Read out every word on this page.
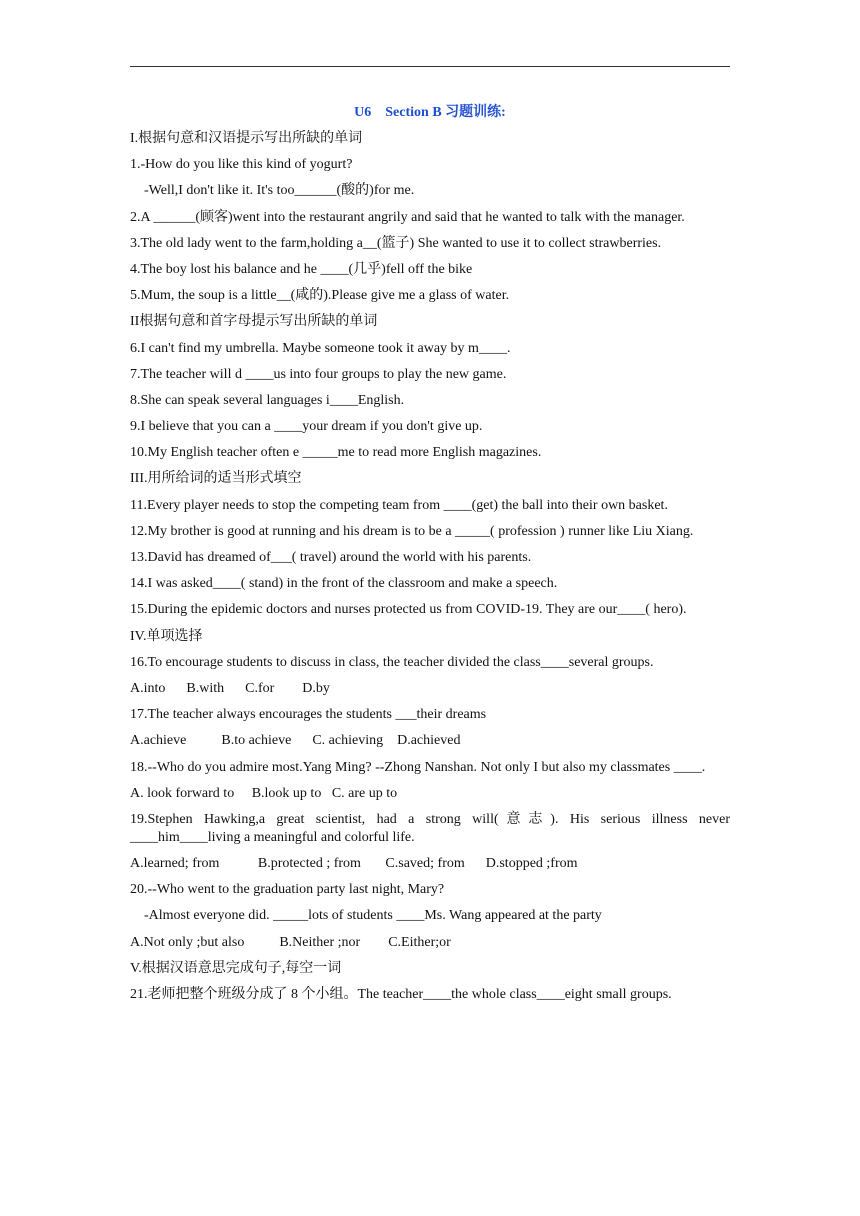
U6　Section B 习题训练:

I.根据句意和汉语提示写出所缺的单词

1.-How do you like this kind of yogurt?

-Well,I don't like it. It's too______(酸的)for me.

2.A ______(顾客)went into the restaurant angrily and said that he wanted to talk with the manager.

3.The old lady went to the farm,holding a__(篮子) She wanted to use it to collect strawberries.

4.The boy lost his balance and he ____(几乎)fell off the bike

5.Mum, the soup is a little__(咸的).Please give me a glass of water.

II根据句意和首字母提示写出所缺的单词

6.I can't find my umbrella. Maybe someone took it away by m____.

7.The teacher will d ____us into four groups to play the new game.

8.She can speak several languages i____English.

9.I believe that you can a ____your dream if you don't give up.

10.My English teacher often e _____me to read more English magazines.

III.用所给词的适当形式填空

11.Every player needs to stop the competing team from ____(get) the ball into their own basket.

12.My brother is good at running and his dream is to be a _____( profession ) runner like Liu Xiang.

13.David has dreamed of___( travel) around the world with his parents.

14.I was asked____( stand) in the front of the classroom and make a speech.

15.During the epidemic doctors and nurses protected us from COVID-19. They are our____( hero).

IV.单项选择

16.To encourage students to discuss in class, the teacher divided the class____several groups.

A.into      B.with      C.for        D.by

17.The teacher always encourages the students ___their dreams

A.achieve          B.to achieve      C. achieving    D.achieved

18.--Who do you admire most.Yang Ming? --Zhong Nanshan. Not only I but also my classmates ____.

A. look forward to     B.look up to   C. are up to

19.Stephen Hawking,a great scientist, had a strong will(意志). His serious illness never ____him____living a meaningful and colorful life.

A.learned; from           B.protected ; from       C.saved; from      D.stopped ;from

20.--Who went to the graduation party last night, Mary?

-Almost everyone did. _____lots of students ____Ms. Wang appeared at the party

A.Not only ;but also          B.Neither ;nor        C.Either;or

V.根据汉语意思完成句子,每空一词

21.老师把整个班级分成了 8 个小组。The teacher____the whole class____eight small groups.
